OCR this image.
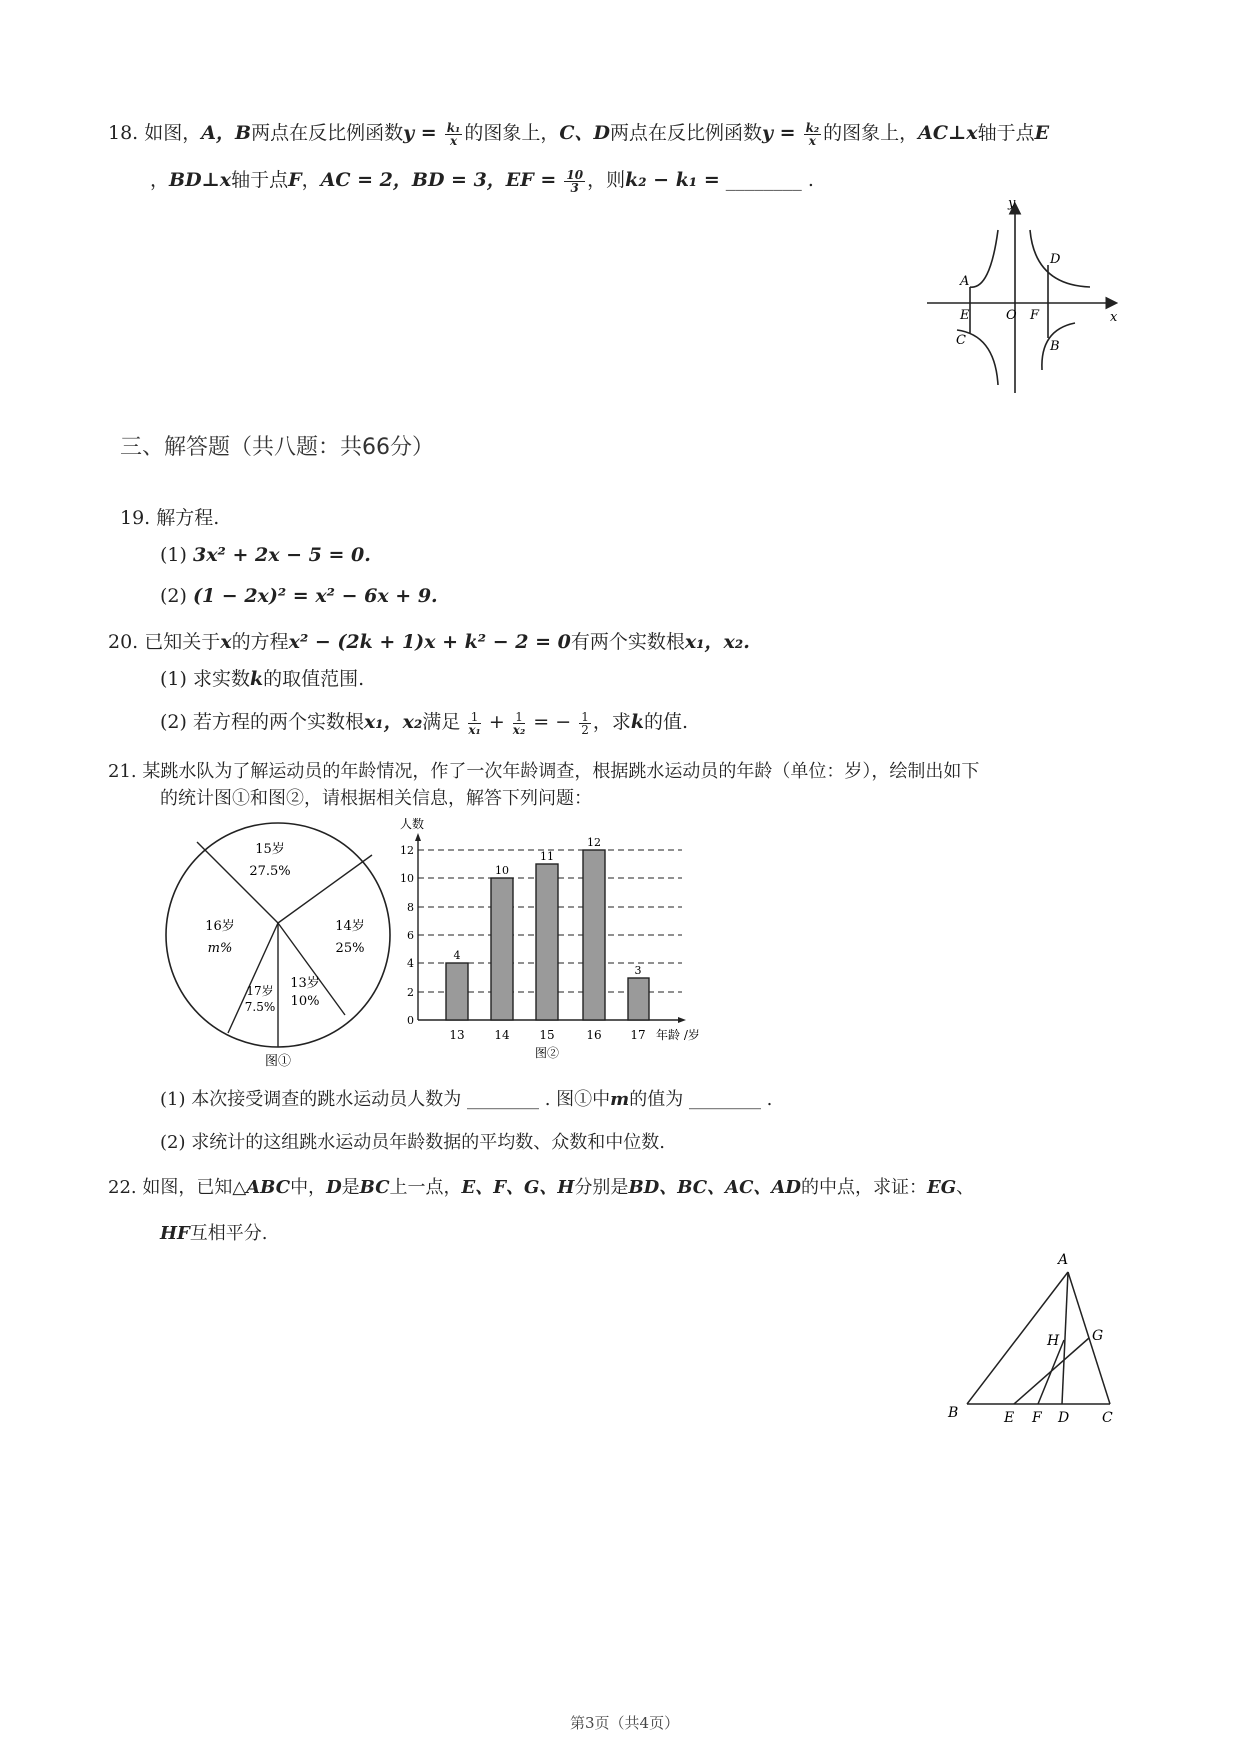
18. 如图，A，B两点在反比例函数$y = \frac{\text{k₁}}{x}$ 的图象上，C、D两点在反比例函数$y = \frac{\text{k₂}}{x}$ 的图象上，AC⊥x轴于点E
，BD⊥x轴于点F，AC = 2，BD = 3，EF = $\frac{10}{3}$ ，则k₂ − k₁ = ________ .
y
x
O
A
E
C
D
F
B
三、解答题（共八题：共66分）
19. 解方程.
(1) 3x² + 2x − 5 = 0.
(2) (1 − 2x)² = x² − 6x + 9.
20. 已知关于x的方程x² − (2k + 1)x + k² − 2 = 0有两个实数根x₁，x₂.
(1) 求实数k的取值范围.
(2) 若方程的两个实数根x₁，x₂满足 $\frac{1}{\text{x₁}} + \frac{1}{\text{x₂}}$ = − $\frac{1}{2}$ ，求k的值.
21. 某跳水队为了解运动员的年龄情况，作了一次年龄调查，根据跳水运动员的年龄（单位：岁），绘制出如下
的统计图①和图②，请根据相关信息，解答下列问题：
15岁
27.5%
14岁
25%
13岁
10%
17岁
7.5%
16岁
m%
图①
人数
0
2
4
6
8
10
12
4
10
11
12
3
13 14 15	16 17 年龄 /岁
图②
(1) 本次接受调查的跳水运动员人数为 ________ . 图①中m的值为 ________ .
(2) 求统计的这组跳水运动员年龄数据的平均数、众数和中位数.
22. 如图，已知△ABC中，D是BC上一点，E、F、G、H分别是BD、BC、AC、AD的中点，求证：EG、
HF互相平分.
A
B	C
D
E F
G
H
第3页（共4页）
